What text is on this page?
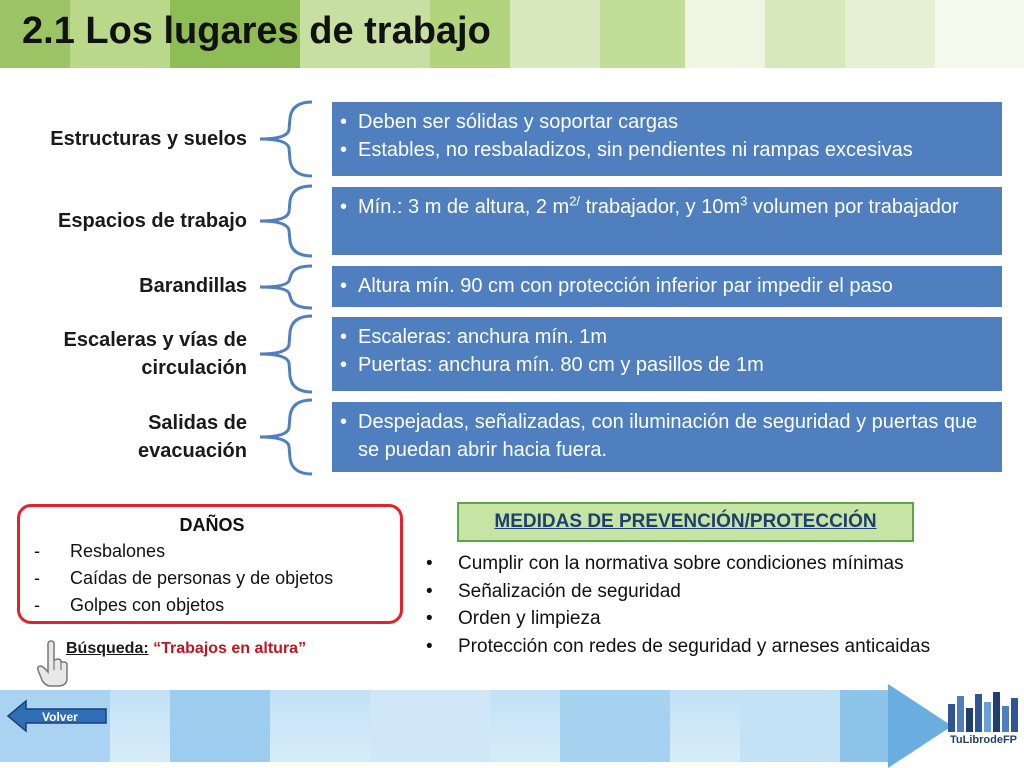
2.1 Los lugares de trabajo
Estructuras y suelos
• Deben ser sólidas y soportar cargas
• Estables, no resbaladizos, sin pendientes ni rampas excesivas
Espacios de trabajo
• Mín.: 3 m de altura, 2 $m^{2/}$ trabajador, y $10m^3$ volumen por trabajador
Barandillas
•	Altura mín. 90 cm con protección inferior par impedir el paso
Escaleras y vías de
circulación
• Escaleras: anchura mín. 1m
• Puertas: anchura mín. 80 cm y pasillos de 1m
Salidas de
evacuación
• Despejadas, señalizadas, con iluminación de seguridad y puertas que se puedan abrir hacia fuera.
DAÑOS
- Resbalones
- Caídas de personas y de objetos
- Golpes con objetos
Búsqueda: “Trabajos en altura”
MEDIDAS DE PREVENCIÓN/PROTECCIÓN
• Cumplir con la normativa sobre condiciones mínimas
• Señalización de seguridad
• Orden y limpieza
• Protección con redes de seguridad y arneses anticaidas
Volver
TuLibrodeFP
